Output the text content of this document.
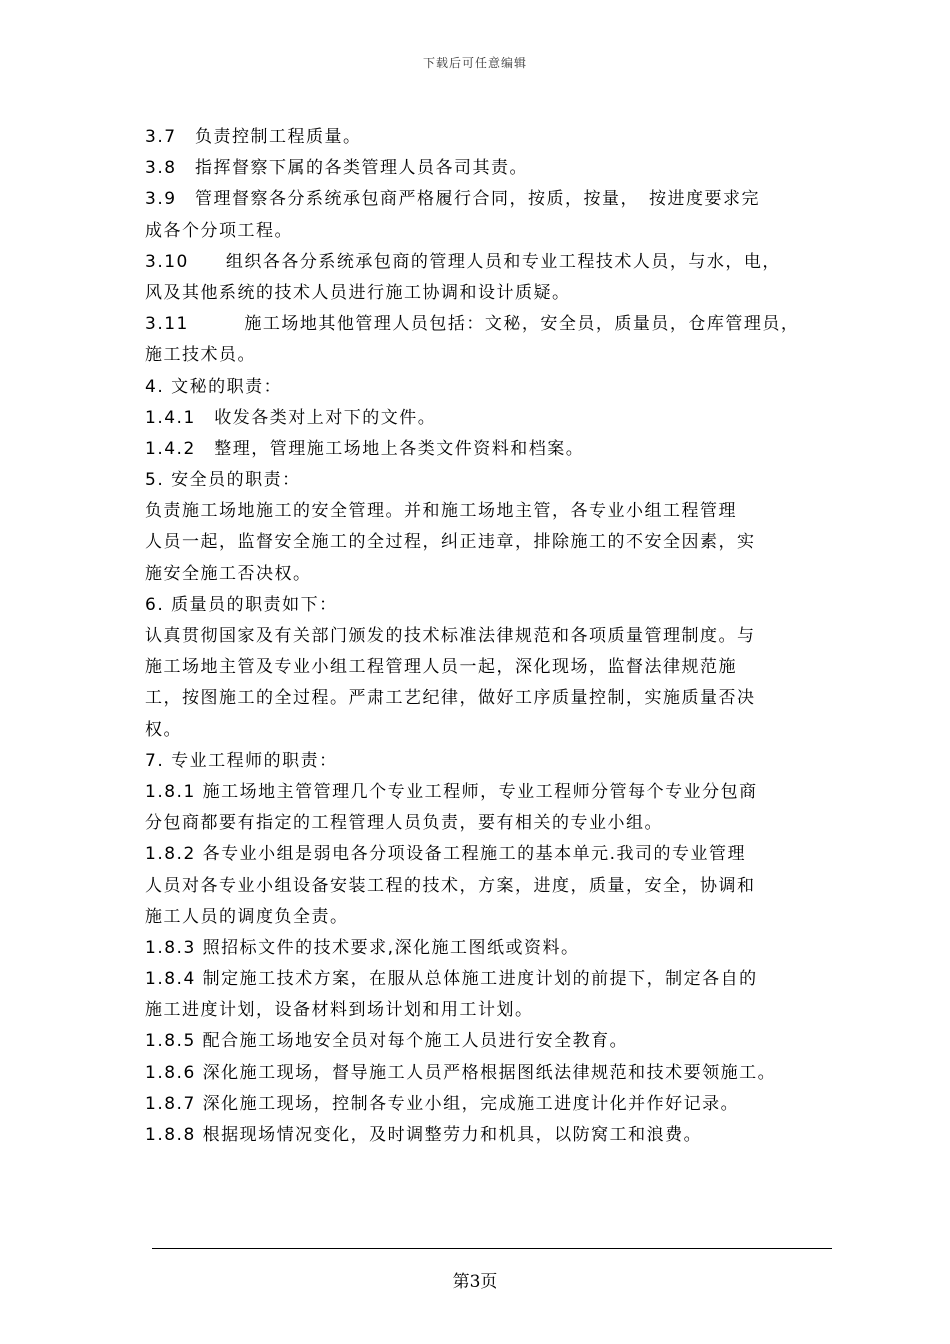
下载后可任意编辑
3.7　负责控制工程质量。
3.8　指挥督察下属的各类管理人员各司其责。
3.9　管理督察各分系统承包商严格履行合同，按质，按量，　按进度要求完
成各个分项工程。
3.10　　组织各各分系统承包商的管理人员和专业工程技术人员，与水，电，
风及其他系统的技术人员进行施工协调和设计质疑。
3.11　　　施工场地其他管理人员包括：文秘，安全员，质量员，仓库管理员，
施工技术员。
4. 文秘的职责：
1.4.1　收发各类对上对下的文件。
1.4.2　整理，管理施工场地上各类文件资料和档案。
5. 安全员的职责：
负责施工场地施工的安全管理。并和施工场地主管，各专业小组工程管理
人员一起，监督安全施工的全过程，纠正违章，排除施工的不安全因素，实
施安全施工否决权。
6. 质量员的职责如下：
认真贯彻国家及有关部门颁发的技术标准法律规范和各项质量管理制度。与
施工场地主管及专业小组工程管理人员一起，深化现场，监督法律规范施
工，按图施工的全过程。严肃工艺纪律，做好工序质量控制，实施质量否决
权。
7. 专业工程师的职责：
1.8.1 施工场地主管管理几个专业工程师，专业工程师分管每个专业分包商
分包商都要有指定的工程管理人员负责，要有相关的专业小组。
1.8.2 各专业小组是弱电各分项设备工程施工的基本单元.我司的专业管理
人员对各专业小组设备安装工程的技术，方案，进度，质量，安全，协调和
施工人员的调度负全责。
1.8.3 照招标文件的技术要求,深化施工图纸或资料。
1.8.4 制定施工技术方案，在服从总体施工进度计划的前提下，制定各自的
施工进度计划，设备材料到场计划和用工计划。
1.8.5 配合施工场地安全员对每个施工人员进行安全教育。
1.8.6 深化施工现场，督导施工人员严格根据图纸法律规范和技术要领施工。
1.8.7 深化施工现场，控制各专业小组，完成施工进度计化并作好记录。
1.8.8 根据现场情况变化，及时调整劳力和机具，以防窝工和浪费。
第3页
